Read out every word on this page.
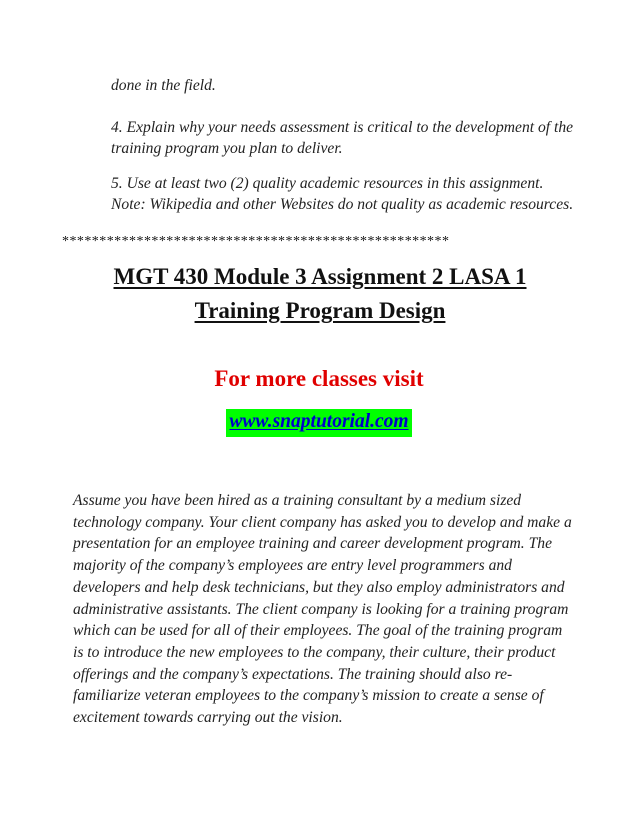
done in the field.

4. Explain why your needs assessment is critical to the development of the training program you plan to deliver.

5. Use at least two (2) quality academic resources in this assignment. Note: Wikipedia and other Websites do not quality as academic resources.

****************************************************
MGT 430 Module 3 Assignment 2 LASA 1
Training Program Design

For more classes visit

www.snaptutorial.com

Assume you have been hired as a training consultant by a medium sized technology company. Your client company has asked you to develop and make a presentation for an employee training and career development program. The majority of the company’s employees are entry level programmers and developers and help desk technicians, but they also employ administrators and administrative assistants. The client company is looking for a training program which can be used for all of their employees. The goal of the training program is to introduce the new employees to the company, their culture, their product offerings and the company’s expectations. The training should also re-familiarize veteran employees to the company’s mission to create a sense of excitement towards carrying out the vision.
